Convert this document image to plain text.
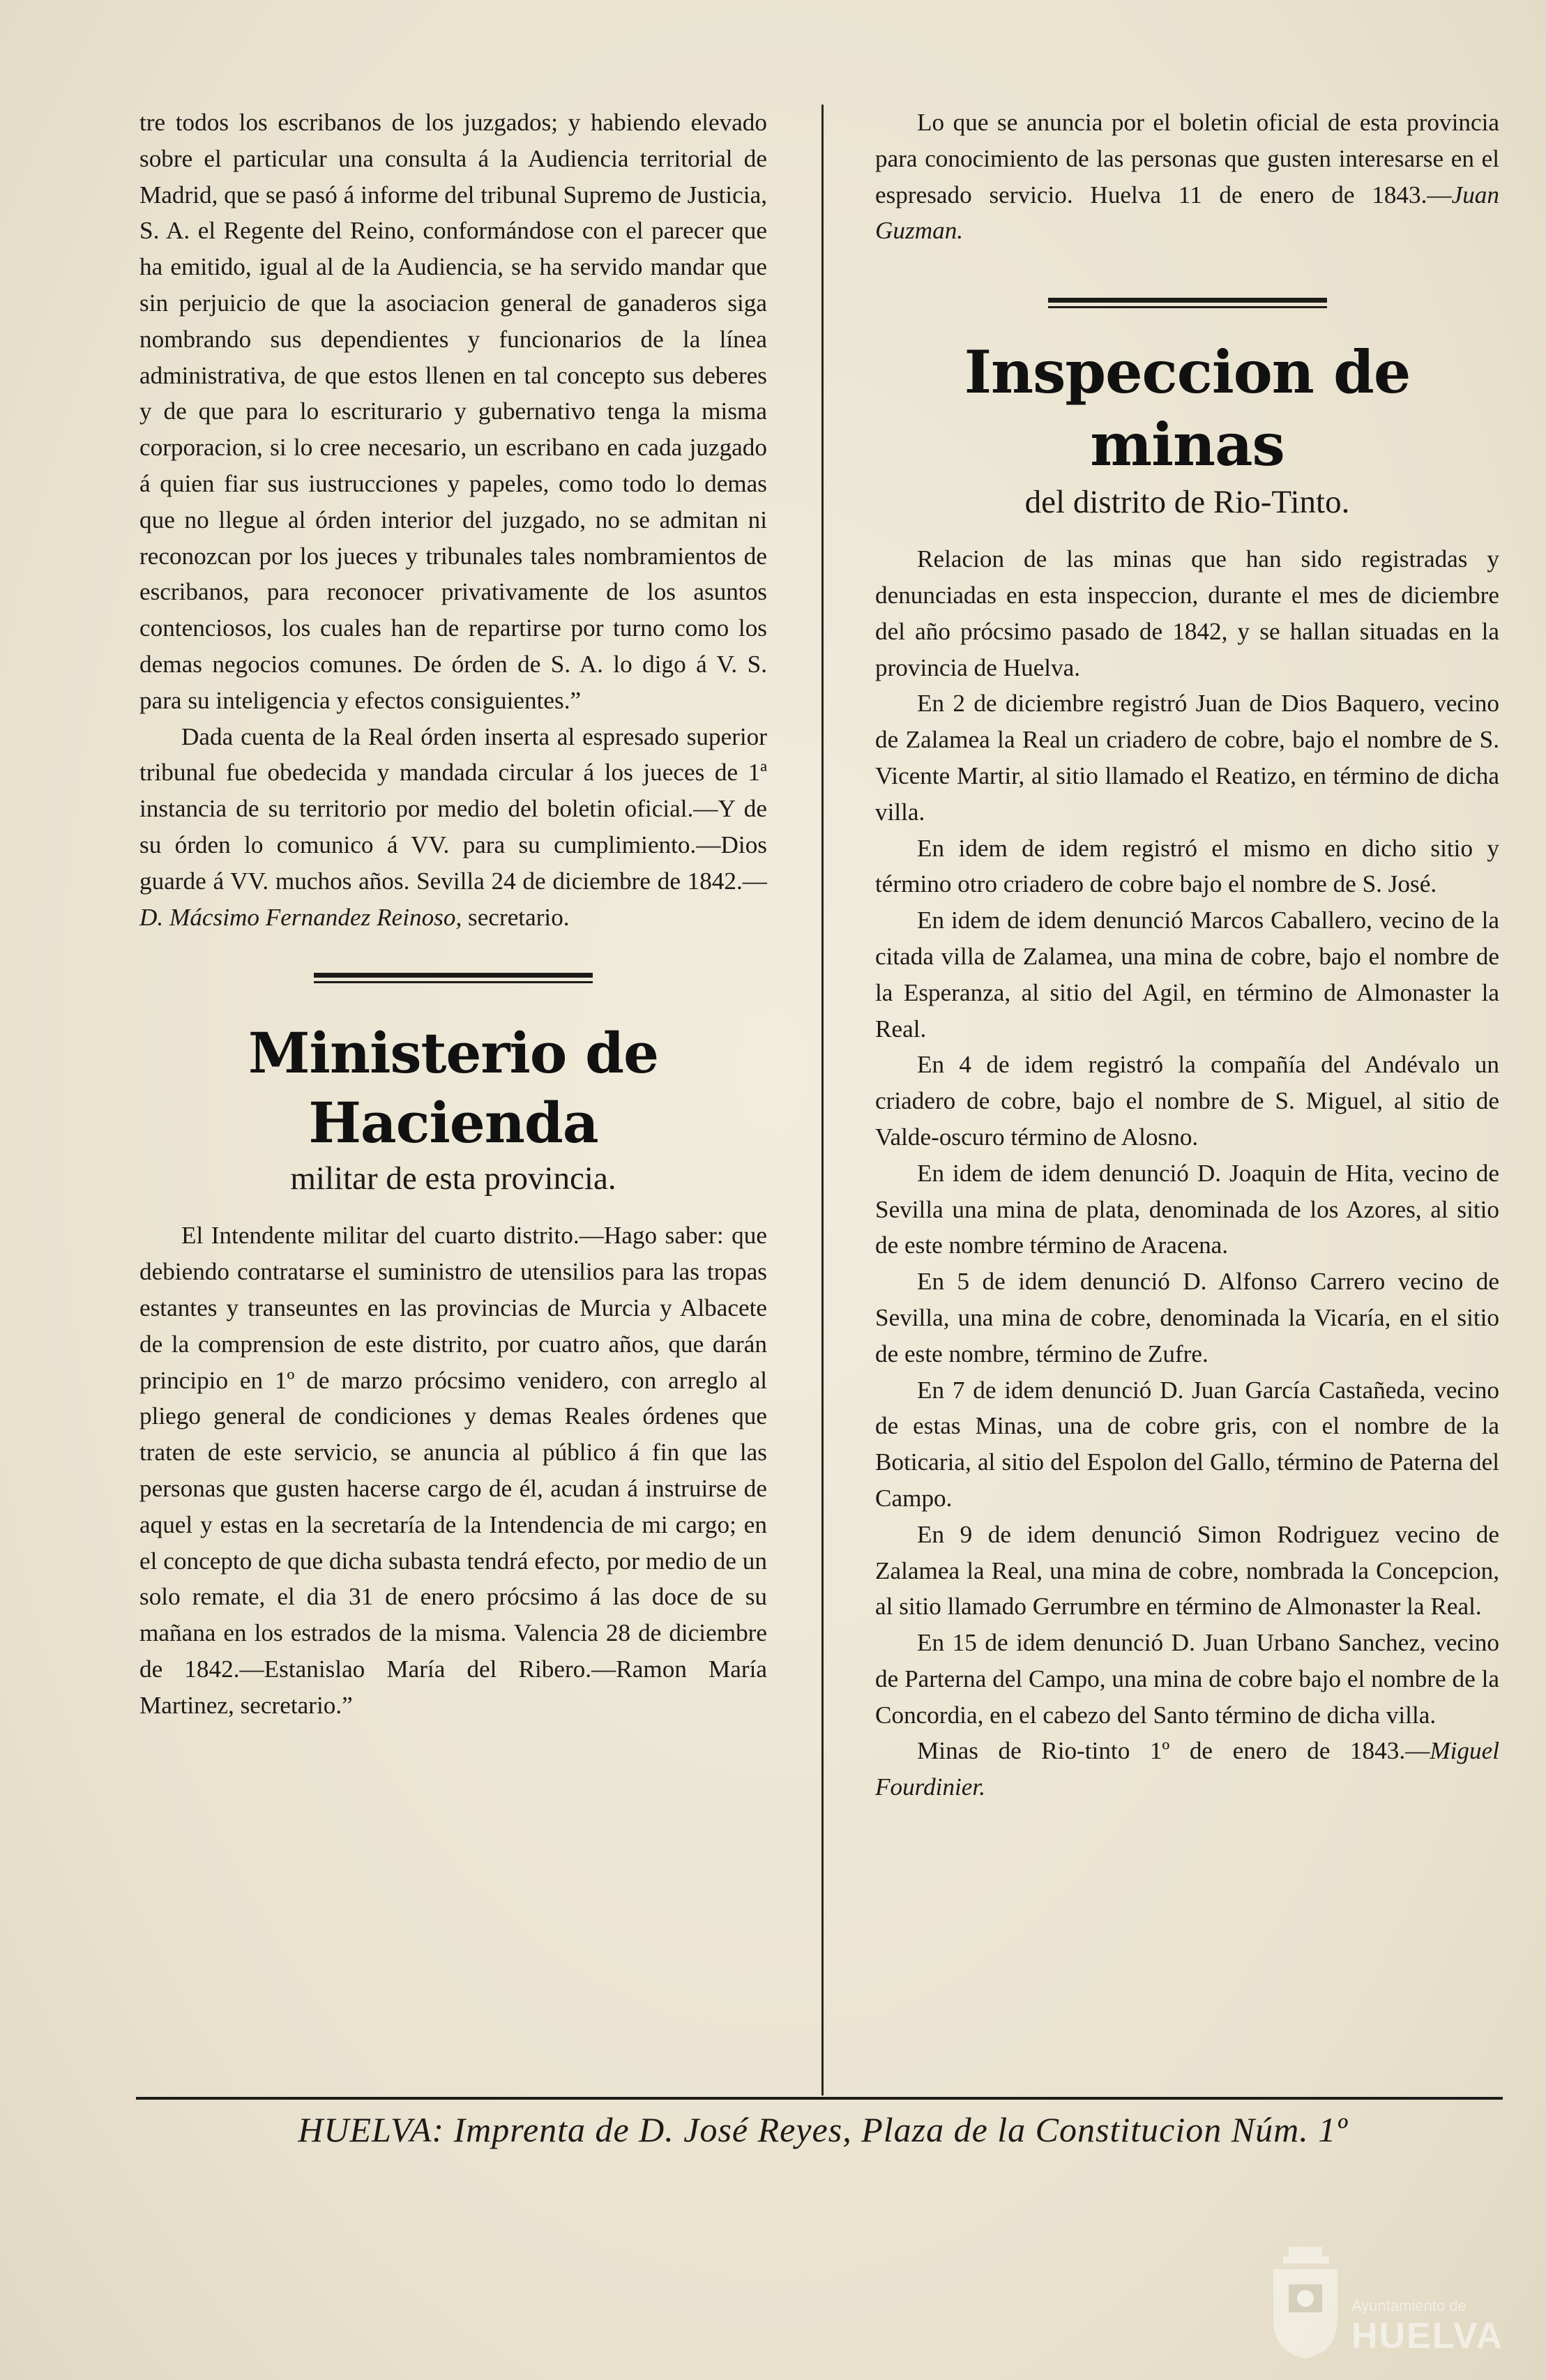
tre todos los escribanos de los juzgados; y habiendo elevado sobre el particular una consulta á la Audiencia territorial de Madrid, que se pasó á informe del tribunal Supremo de Justicia, S. A. el Regente del Reino, conformándose con el parecer que ha emitido, igual al de la Audiencia, se ha servido mandar que sin perjuicio de que la asociacion general de ganaderos siga nombrando sus dependientes y funcionarios de la línea administrativa, de que estos llenen en tal concepto sus deberes y de que para lo escriturario y gubernativo tenga la misma corporacion, si lo cree necesario, un escribano en cada juzgado á quien fiar sus iustrucciones y papeles, como todo lo demas que no llegue al órden interior del juzgado, no se admitan ni reconozcan por los jueces y tribunales tales nombramientos de escribanos, para reconocer privativamente de los asuntos contenciosos, los cuales han de repartirse por turno como los demas negocios comunes. De órden de S. A. lo digo á V. S. para su inteligencia y efectos consiguientes.”

Dada cuenta de la Real órden inserta al espresado superior tribunal fue obedecida y mandada circular á los jueces de 1ª instancia de su territorio por medio del boletin oficial.—Y de su órden lo comunico á VV. para su cumplimiento.—Dios guarde á VV. muchos años. Sevilla 24 de diciembre de 1842.—D. Mácsimo Fernandez Reinoso, secretario.

Ministerio de Hacienda

militar de esta provincia.

El Intendente militar del cuarto distrito.—Hago saber: que debiendo contratarse el suministro de utensilios para las tropas estantes y transeuntes en las provincias de Murcia y Albacete de la comprension de este distrito, por cuatro años, que darán principio en 1º de marzo prócsimo venidero, con arreglo al pliego general de condiciones y demas Reales órdenes que traten de este servicio, se anuncia al público á fin que las personas que gusten hacerse cargo de él, acudan á instruirse de aquel y estas en la secretaría de la Intendencia de mi cargo; en el concepto de que dicha subasta tendrá efecto, por medio de un solo remate, el dia 31 de enero prócsimo á las doce de su mañana en los estrados de la misma. Valencia 28 de diciembre de 1842.—Estanislao María del Ribero.—Ramon María Martinez, secretario.”

Lo que se anuncia por el boletin oficial de esta provincia para conocimiento de las personas que gusten interesarse en el espresado servicio. Huelva 11 de enero de 1843.—Juan Guzman.

Inspeccion de minas

del distrito de Rio-Tinto.

Relacion de las minas que han sido registradas y denunciadas en esta inspeccion, durante el mes de diciembre del año prócsimo pasado de 1842, y se hallan situadas en la provincia de Huelva.

En 2 de diciembre registró Juan de Dios Baquero, vecino de Zalamea la Real un criadero de cobre, bajo el nombre de S. Vicente Martir, al sitio llamado el Reatizo, en término de dicha villa.

En idem de idem registró el mismo en dicho sitio y término otro criadero de cobre bajo el nombre de S. José.

En idem de idem denunció Marcos Caballero, vecino de la citada villa de Zalamea, una mina de cobre, bajo el nombre de la Esperanza, al sitio del Agil, en término de Almonaster la Real.

En 4 de idem registró la compañía del Andévalo un criadero de cobre, bajo el nombre de S. Miguel, al sitio de Valde-oscuro término de Alosno.

En idem de idem denunció D. Joaquin de Hita, vecino de Sevilla una mina de plata, denominada de los Azores, al sitio de este nombre término de Aracena.

En 5 de idem denunció D. Alfonso Carrero vecino de Sevilla, una mina de cobre, denominada la Vicaría, en el sitio de este nombre, término de Zufre.

En 7 de idem denunció D. Juan García Castañeda, vecino de estas Minas, una de cobre gris, con el nombre de la Boticaria, al sitio del Espolon del Gallo, término de Paterna del Campo.

En 9 de idem denunció Simon Rodriguez vecino de Zalamea la Real, una mina de cobre, nombrada la Concepcion, al sitio llamado Gerrumbre en término de Almonaster la Real.

En 15 de idem denunció D. Juan Urbano Sanchez, vecino de Parterna del Campo, una mina de cobre bajo el nombre de la Concordia, en el cabezo del Santo término de dicha villa.

Minas de Rio-tinto 1º de enero de 1843.—Miguel Fourdinier.

HUELVA: Imprenta de D. José Reyes, Plaza de la Constitucion Núm. 1º
Ayuntamiento de
HUELVA
